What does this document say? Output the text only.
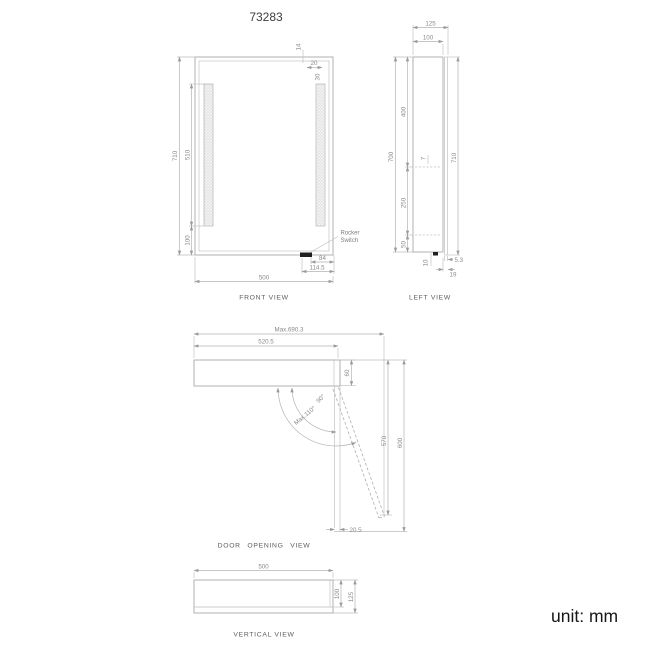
73283
710 510
100
14
20
30
Rocker
Switch
84
114.5
500
FRONT VIEW
125
100
7
700
400
250
50
710
10	5.3
19
LEFT VIEW
Max.690.3
520.5
60
90°
Max.110°
570 600
20.5
DOOR OPENING VIEW
500
100 125
VERTICAL VIEW
unit: mm
